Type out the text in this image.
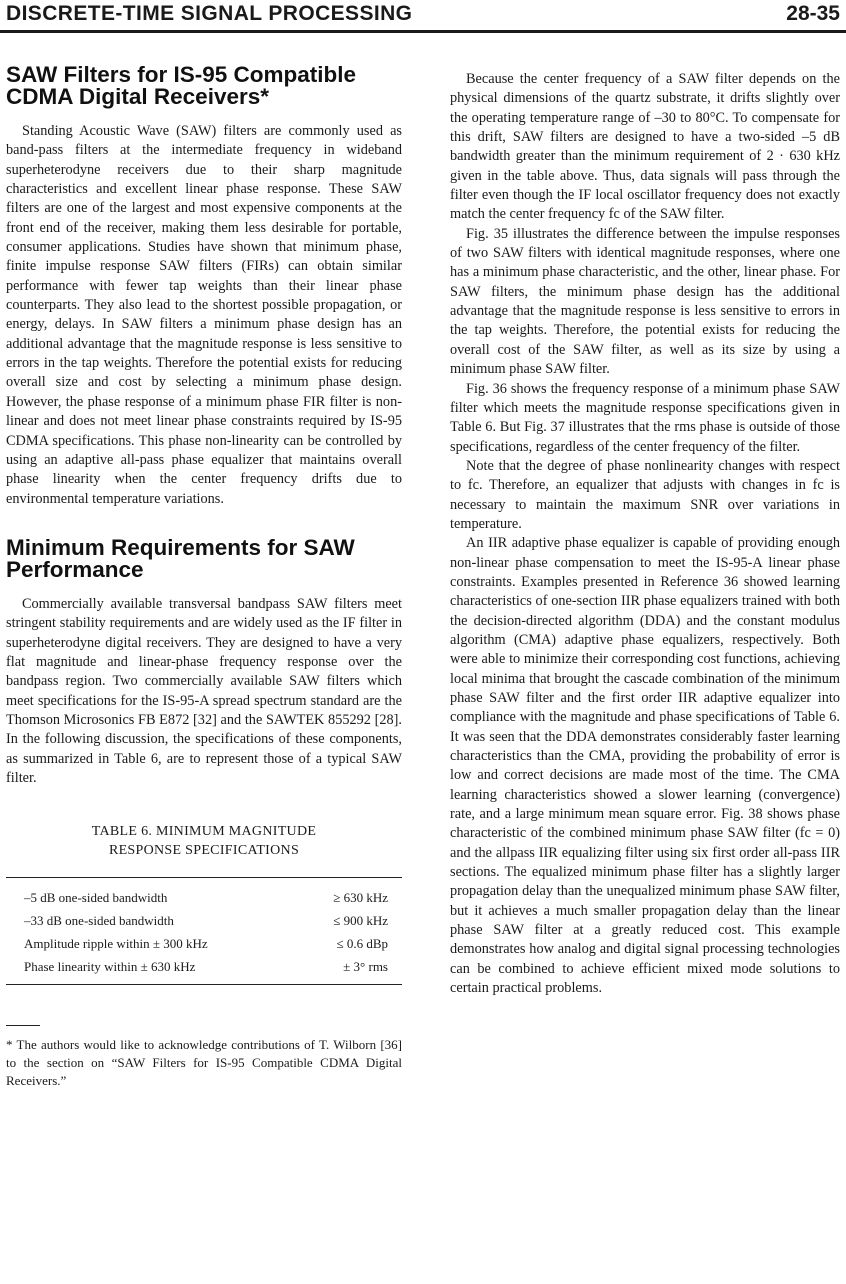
DISCRETE-TIME SIGNAL PROCESSING	28-35
SAW Filters for IS-95 Compatible CDMA Digital Receivers*

Standing Acoustic Wave (SAW) filters are commonly used as band-pass filters at the intermediate frequency in wideband superheterodyne receivers due to their sharp magnitude characteristics and excellent linear phase response. These SAW filters are one of the largest and most expensive components at the front end of the receiver, making them less desirable for portable, consumer applications. Studies have shown that minimum phase, finite impulse response SAW filters (FIRs) can obtain similar performance with fewer tap weights than their linear phase counterparts. They also lead to the shortest possible propagation, or energy, delays. In SAW filters a minimum phase design has an additional advantage that the magnitude response is less sensitive to errors in the tap weights. Therefore the potential exists for reducing overall size and cost by selecting a minimum phase design. However, the phase response of a minimum phase FIR filter is non-linear and does not meet linear phase constraints required by IS-95 CDMA specifications. This phase non-linearity can be controlled by using an adaptive all-pass phase equalizer that maintains overall phase linearity when the center frequency drifts due to environmental temperature variations.

Minimum Requirements for SAW Performance

Commercially available transversal bandpass SAW filters meet stringent stability requirements and are widely used as the IF filter in superheterodyne digital receivers. They are designed to have a very flat magnitude and linear-phase frequency response over the bandpass region. Two commercially available SAW filters which meet specifications for the IS-95-A spread spectrum standard are the Thomson Microsonics FB E872 [32] and the SAWTEK 855292 [28]. In the following discussion, the specifications of these components, as summarized in Table 6, are to represent those of a typical SAW filter.

TABLE 6. MINIMUM MAGNITUDE
RESPONSE SPECIFICATIONS
–5 dB one-sided bandwidth	≥ 630 kHz
–33 dB one-sided bandwidth	≤ 900 kHz
Amplitude ripple within ± 300 kHz	≤ 0.6 dBp
Phase linearity within ± 630 kHz	± 3° rms
* The authors would like to acknowledge contributions of T. Wilborn [36] to the section on “SAW Filters for IS-95 Compatible CDMA Digital Receivers.”

Because the center frequency of a SAW filter depends on the physical dimensions of the quartz substrate, it drifts slightly over the operating temperature range of –30 to 80°C. To compensate for this drift, SAW filters are designed to have a two-sided –5 dB bandwidth greater than the minimum requirement of 2 · 630 kHz given in the table above. Thus, data signals will pass through the filter even though the IF local oscillator frequency does not exactly match the center frequency fc of the SAW filter.

Fig. 35 illustrates the difference between the impulse responses of two SAW filters with identical magnitude responses, where one has a minimum phase characteristic, and the other, linear phase. For SAW filters, the minimum phase design has the additional advantage that the magnitude response is less sensitive to errors in the tap weights. Therefore, the potential exists for reducing the overall cost of the SAW filter, as well as its size by using a minimum phase SAW filter.

Fig. 36 shows the frequency response of a minimum phase SAW filter which meets the magnitude response specifications given in Table 6. But Fig. 37 illustrates that the rms phase is outside of those specifications, regardless of the center frequency of the filter.

Note that the degree of phase nonlinearity changes with respect to fc. Therefore, an equalizer that adjusts with changes in fc is necessary to maintain the maximum SNR over variations in temperature.

An IIR adaptive phase equalizer is capable of providing enough non-linear phase compensation to meet the IS-95-A linear phase constraints. Examples presented in Reference 36 showed learning characteristics of one-section IIR phase equalizers trained with both the decision-directed algorithm (DDA) and the constant modulus algorithm (CMA) adaptive phase equalizers, respectively. Both were able to minimize their corresponding cost functions, achieving local minima that brought the cascade combination of the minimum phase SAW filter and the first order IIR adaptive equalizer into compliance with the magnitude and phase specifications of Table 6. It was seen that the DDA demonstrates considerably faster learning characteristics than the CMA, providing the probability of error is low and correct decisions are made most of the time. The CMA learning characteristics showed a slower learning (convergence) rate, and a large minimum mean square error. Fig. 38 shows phase characteristic of the combined minimum phase SAW filter (fc = 0) and the allpass IIR equalizing filter using six first order all-pass IIR sections. The equalized minimum phase filter has a slightly larger propagation delay than the unequalized minimum phase SAW filter, but it achieves a much smaller propagation delay than the linear phase SAW filter at a greatly reduced cost. This example demonstrates how analog and digital signal processing technologies can be combined to achieve efficient mixed mode solutions to certain practical problems.
